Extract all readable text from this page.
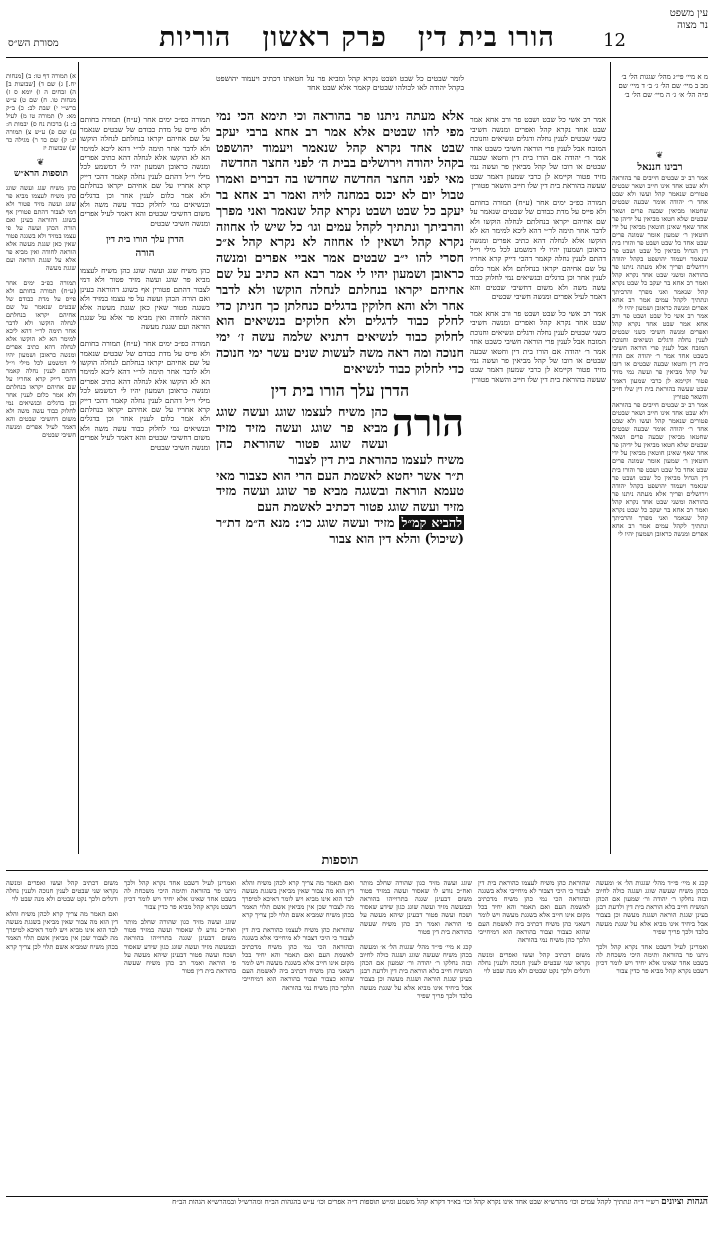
עין משפט
נר מצוה
12
הורו בית דין   פרק ראשון   הוריות
מסורת הש״ס

מ א מיי׳ פי״ג מהל׳ שגגות הל׳ ב׳ מב ב מיי׳ שם הל׳ ג׳ ב׳ ד מיי׳ שם פ״ה הל׳ א׳ ג׳ ה מיי׳ שם הל׳ ב׳

❦
רבינו חננאל

אמר רב יב שבטים חייבים פר בהוראה ולא שבט אחד אינו חייב ושאר שבטים פטורים שנאמר קהל ועשו ולא שבט אחד ר׳ יהודה אומר שבעה שבטים שחטאו מביאין שבעה פרים ושאר שבטים שלא חטאו מביאין על ידיהן פר אחד שאף שאינן חוטאין מביאין על ידי חוטאין ר׳ שמעון אומר שמונה פרים שבט אחד כל שבט ושבט פר והורו בית דין הגדול מביאין כל שבט ושבט פר שנאמר ויעמוד יהושפט בקהל יהודה וירושלים ופריך אלא מעתה ניתנו פר בהוראה ומשני שבט אחד נקרא קהל ואמר רב אחא בר יעקב כל שבט נקרא קהל שנאמר ואני מפרך והרביתך ונתתיך לקהל עמים אמר רב אחא אפרים ומנשה כראובן ושמעון יהיו לי

אמר רב אשי כל שבט ושבט פר ורב אחא אמר שבט אחד נקרא קהל ואפרים ומנשה חשיבי כשני שבטים לענין נחלה ודגלים ונשיאים וחנוכת המזבח אבל לענין פרי הוראה חשיבי כשבט אחד אמר ר׳ יהודה אם הורו בית דין וחטאו שבעה שבטים או רובו של קהל מביאין פר ועשה נמי מזיד פטור וקיימא לן כרבי שמעון דאמר שבט שעשה בהוראת בית דין שלו חייב והשאר פטורין

אמר רב יב שבטים חייבים פר בהוראה ולא שבט אחד אינו חייב ושאר שבטים פטורים שנאמר קהל ועשו ולא שבט אחד ר׳ יהודה אומר שבעה שבטים שחטאו מביאין שבעה פרים ושאר שבטים שלא חטאו מביאין על ידיהן פר אחד שאף שאינן חוטאין מביאין על ידי חוטאין ר׳ שמעון אומר שמונה פרים שבט אחד כל שבט ושבט פר והורו בית דין הגדול מביאין כל שבט ושבט פר שנאמר ויעמוד יהושפט בקהל יהודה וירושלים ופריך אלא מעתה ניתנו פר בהוראה ומשני שבט אחד נקרא קהל ואמר רב אחא בר יעקב כל שבט נקרא קהל שנאמר ואני מפרך והרביתך ונתתיך לקהל עמים אמר רב אחא אפרים ומנשה כראובן ושמעון יהיו לי

אמר רב אשי כל שבט ושבט פר ורב אחא אמר שבט אחד נקרא קהל ואפרים ומנשה חשיבי כשני שבטים לענין נחלה ודגלים ונשיאים וחנוכת המזבח אבל לענין פרי הוראה חשיבי כשבט אחד אמר ר׳ יהודה אם הורו בית דין וחטאו שבעה שבטים או רובו של קהל מביאין פר ועשה נמי מזיד פטור וקיימא לן כרבי שמעון דאמר שבט שעשה בהוראת בית דין שלו חייב והשאר פטורין

תמורה כפ״ב ימים אחר (ע״ח) תמורה בחותם ולא פייס על מדת כבודם של שבטים שנאמר על שם אחיהם יקראו בנחלתם לנחלה הוקשו ולא לדבר אחר תימה לר״י דהא ליכא למימר הא לא הוקשו אלא לנחלה דהא כתיב אפרים ומנשה כראובן ושמעון יהיו לי דמשמע לכל מילי וי״ל דהתם לענין נחלה קאמר דהכי דייק קרא אחריו על שם אחיהם יקראו בנחלתם ולא אמר כלום לענין אחר וכן בדגלים ובנשיאים נמי לחלוק כבוד עשה משה ולא משום דחשיבי שבטים והא דאמר לעיל אפרים ומנשה חשיבי שבטים

אמר רב אשי כל שבט ושבט פר ורב אחא אמר שבט אחד נקרא קהל ואפרים ומנשה חשיבי כשני שבטים לענין נחלה ודגלים ונשיאים וחנוכת המזבח אבל לענין פרי הוראה חשיבי כשבט אחד אמר ר׳ יהודה אם הורו בית דין וחטאו שבעה שבטים או רובו של קהל מביאין פר ועשה נמי מזיד פטור וקיימא לן כרבי שמעון דאמר שבט שעשה בהוראת בית דין שלו חייב והשאר פטורין

לומר שבטים כל שבט ושבט נקרא קהל ומביא פר על חטאתו דכתיב ויעמוד יהושפט בקהל יהודה לאו לכולהו שבטים קאמר אלא שבט אחד

אלא מעתה ניתנו פר בהוראה וכי תימא הכי נמי מפי להו שבטים אלא אמר רב אחא ברבי יעקב שבט אחד נקרא קהל שנאמר ויעמוד יהושפט בקהל יהודה וירושלים בבית ה׳ לפני החצר החדשה

מאי לפני החצר החדשה שחדשו בה דברים ואמרו טבול יום לא יכנס במחנה לויה ואמר רב אחא בר יעקב כל שבט ושבט נקרא קהל שנאמר ואני מפרך והרביתך ונתתיך לקהל עמים וגו׳ כל שיש לו אחוזה נקרא קהל ושאין לו אחוזה לא נקרא קהל א״כ חסרי להו י״ב שבטים אמר אביי אפרים ומנשה כראובן ושמעון יהיו לי אמר רבא הא כתיב על שם אחיהם יקראו בנחלתם לנחלה הוקשו ולא לדבר אחר ולא והא חלוקין בדגלים כנחלתן כך חניתן כדי לחלק כבוד לדגלים ולא חלוקים בנשיאים הוא לחלוק כבוד לנשיאים דתניא שלמה עשה ז׳ ימי חנוכה ומה ראה משה לעשות שנים עשר ימי חנוכה כדי לחלוק כבוד לנשיאים

הדרן עלך הורו בית דין

הורה
כהן משיח לעצמו שוגג ועשה שוגג מביא פר שוגג ועשה מזיד מזיד ועשה שוגג פטור שהוראת כהן משיח לעצמו כהוראת בית דין לצבור

ת״ר אשר יחטא לאשמת העם הרי הוא כצבור מאי טעמא הוראה ובשגגה מביא פר שוגג ועשה מזיד מזיד ועשה שוגג פטור דכתיב לאשמת העם

להביא קמ״ל מזיד ועשה שוגג כו׳: מנא ה״מ דת״ר (שיכול) והלא דין הוא צבור

תמורה כפ״ב ימים אחר (ע״ח) תמורה בחותם ולא פייס על מדת כבודם של שבטים שנאמר על שם אחיהם יקראו בנחלתם לנחלה הוקשו ולא לדבר אחר תימה לר״י דהא ליכא למימר הא לא הוקשו אלא לנחלה דהא כתיב אפרים ומנשה כראובן ושמעון יהיו לי דמשמע לכל מילי וי״ל דהתם לענין נחלה קאמר דהכי דייק קרא אחריו על שם אחיהם יקראו בנחלתם ולא אמר כלום לענין אחר וכן בדגלים ובנשיאים נמי לחלוק כבוד עשה משה ולא משום דחשיבי שבטים והא דאמר לעיל אפרים ומנשה חשיבי שבטים

הדרן עלך הורו בית דין
הורה

כהן משיח שגג ועשה שוגג כהן משיח לעצמו מביא פר שוגג ועשה מזיד פטור ולא דמי לצבור דהתם פטורין אף בשוגג דהוראה בעינן ואם הורה הכהן ועשה על פי עצמו במזיד ולא בשגגה פטור שאין כאן שגגת מעשה אלא הוראה לחודה ואין מביא פר אלא על שגגת הוראה ועם שגגת מעשה

תמורה כפ״ב ימים אחר (ע״ח) תמורה בחותם ולא פייס על מדת כבודם של שבטים שנאמר על שם אחיהם יקראו בנחלתם לנחלה הוקשו ולא לדבר אחר תימה לר״י דהא ליכא למימר הא לא הוקשו אלא לנחלה דהא כתיב אפרים ומנשה כראובן ושמעון יהיו לי דמשמע לכל מילי וי״ל דהתם לענין נחלה קאמר דהכי דייק קרא אחריו על שם אחיהם יקראו בנחלתם ולא אמר כלום לענין אחר וכן בדגלים ובנשיאים נמי לחלוק כבוד עשה משה ולא משום דחשיבי שבטים והא דאמר לעיל אפרים ומנשה חשיבי שבטים

א) תמורה דף טו: ב) [מנחות יח.] ג) שם ד) [שבועות ב] ה) זבחים ה ו) יומא ס ז) מנחות טו. ח) שם ט) ע״ש ברש״י י) שבת לב: כ) ב״ק מא: ל) תמורה טו מ) לעיל ב: נ) ברכות נח ס) יבמות ח: ע) שם פ) ע״ש צ) תמורה יג: ק) שם כד ר) מגילה כד ש) שבועות יז

❦
תוספות הרא״ש

כהן משיח שגג ועשה שוגג כהן משיח לעצמו מביא פר שוגג ועשה מזיד פטור ולא דמי לצבור דהתם פטורין אף בשוגג דהוראה בעינן ואם הורה הכהן ועשה על פי עצמו במזיד ולא בשגגה פטור שאין כאן שגגת מעשה אלא הוראה לחודה ואין מביא פר אלא על שגגת הוראה ועם שגגת מעשה

תמורה כפ״ב ימים אחר (ע״ח) תמורה בחותם ולא פייס על מדת כבודם של שבטים שנאמר על שם אחיהם יקראו בנחלתם לנחלה הוקשו ולא לדבר אחר תימה לר״י דהא ליכא למימר הא לא הוקשו אלא לנחלה דהא כתיב אפרים ומנשה כראובן ושמעון יהיו לי דמשמע לכל מילי וי״ל דהתם לענין נחלה קאמר דהכי דייק קרא אחריו על שם אחיהם יקראו בנחלתם ולא אמר כלום לענין אחר וכן בדגלים ובנשיאים נמי לחלוק כבוד עשה משה ולא משום דחשיבי שבטים והא דאמר לעיל אפרים ומנשה חשיבי שבטים

תוספות

קכג א מיי׳ פי״ד מהל׳ שגגות הל׳ א׳ ומעשה בכהן משיח שעשה שוגג ושגגה כולה לחיוב ובזה נחלקו ר׳ יהודה ור׳ שמעון אם הכהן המשיח חייב בלא הוראת בית דין ולדעת רבנן בעינן שגגת הוראה ושגגת מעשה וכן בצבור אבל ביחיד אינו מביא אלא על שגגת מעשה בלבד ולכך פריך שפיר

ואמרינן לעיל דשבט אחד נקרא קהל ולכך ניתנו פר בהוראה ותימה היכי משכחת לה בשבט אחד שאינו אלא יחיד ויש לומר דכיון דשבט נקרא קהל מביא פר כדין צבור

שהוראת כהן משיח לעצמו כהוראת בית דין לצבור כי היכי דצבור לא מיחייבי אלא בשגגה ובהוראה הכי נמי כהן משיח מדכתיב לאשמת העם ואם תאמר והא יחיד בכל מקום אינו חייב אלא בשגגת מעשה ויש לומר דשאני כהן משיח דכתיב ביה לאשמת העם שהוא כצבור וצבור בהוראה הוא דמיחייבי הלכך כהן משיח נמי בהוראה

משום דכתיב קהל ועשו ואפרים ומנשה נקראו שני שבטים לענין חנוכה ולענין נחלה ודגלים ולכך נקט שבטים ולא מנה שבט לוי

שוגג ועשה מזיד כגון שהורה שחלב מותר ואח״כ נודע לו שאסור ועשה במזיד פטור משום דבעינן שגגה בתרוייהו בהוראה ובמעשה מזיד ועשה שוגג כגון שידע שאסור ושכח ועשה פטור דבעינן שיהא מעשה על פי הוראה ואמר רב כהן משיח שעשה בהוראת בית דין פטור

קכג א מיי׳ פי״ד מהל׳ שגגות הל׳ א׳ ומעשה בכהן משיח שעשה שוגג ושגגה כולה לחיוב ובזה נחלקו ר׳ יהודה ור׳ שמעון אם הכהן המשיח חייב בלא הוראת בית דין ולדעת רבנן בעינן שגגת הוראה ושגגת מעשה וכן בצבור אבל ביחיד אינו מביא אלא על שגגת מעשה בלבד ולכך פריך שפיר

ואם תאמר מה צריך קרא לכהן משיח והלא דין הוא מה צבור שאין מביאין בשגגת מעשה לבד הוא אינו מביא ויש לומר דאיכא למיפרך מה לצבור שכן אין מביאין אשם תלוי תאמר בכהן משיח שמביא אשם תלוי לכן צריך קרא

שהוראת כהן משיח לעצמו כהוראת בית דין לצבור כי היכי דצבור לא מיחייבי אלא בשגגה ובהוראה הכי נמי כהן משיח מדכתיב לאשמת העם ואם תאמר והא יחיד בכל מקום אינו חייב אלא בשגגת מעשה ויש לומר דשאני כהן משיח דכתיב ביה לאשמת העם שהוא כצבור וצבור בהוראה הוא דמיחייבי הלכך כהן משיח נמי בהוראה

ואמרינן לעיל דשבט אחד נקרא קהל ולכך ניתנו פר בהוראה ותימה היכי משכחת לה בשבט אחד שאינו אלא יחיד ויש לומר דכיון דשבט נקרא קהל מביא פר כדין צבור

שוגג ועשה מזיד כגון שהורה שחלב מותר ואח״כ נודע לו שאסור ועשה במזיד פטור משום דבעינן שגגה בתרוייהו בהוראה ובמעשה מזיד ועשה שוגג כגון שידע שאסור ושכח ועשה פטור דבעינן שיהא מעשה על פי הוראה ואמר רב כהן משיח שעשה בהוראת בית דין פטור

משום דכתיב קהל ועשו ואפרים ומנשה נקראו שני שבטים לענין חנוכה ולענין נחלה ודגלים ולכך נקט שבטים ולא מנה שבט לוי

ואם תאמר מה צריך קרא לכהן משיח והלא דין הוא מה צבור שאין מביאין בשגגת מעשה לבד הוא אינו מביא ויש לומר דאיכא למיפרך מה לצבור שכן אין מביאין אשם תלוי תאמר בכהן משיח שמביא אשם תלוי לכן צריך קרא

הגהות וציונים רש״י ד״ה ונתתיך לקהל עמים וכו׳ מהרש״א שבט אחד אינו נקרא קהל וכו׳ בא״ד דקרא קהל משמע ומ״ש תוספות ד״ה אפרים וכו׳ ע״ש בהגהות הב״ח ומהרש״ל ובמהרש״א הגהות הב״ח
